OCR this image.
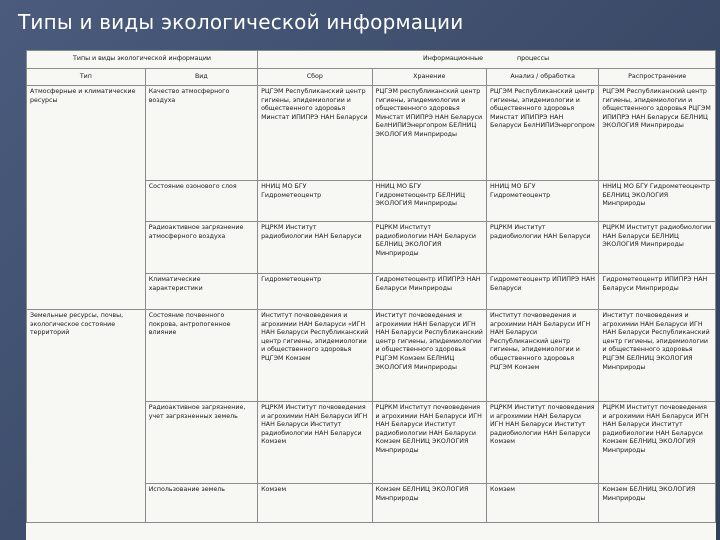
Типы и виды экологической информации
Типы и виды экологической информации		Информационные		процессы	
Тип	Вид	Сбор	Хранение	Анализ / обработка	Распространение
Атмосферные и климатические ресурсы	Качество атмосферного воздуха	РЦГЭМ Республиканский центр гигиены, эпидемиологии и общественного здоровья Минстат ИПИПРЭ НАН Беларуси	РЦГЭМ республиканский центр гигиены, эпидемиологии и общественного здоровья Минстат ИПИПРЭ НАН Беларуси БелНИПИЭнергопром БЕЛНИЦ ЭКОЛОГИЯ Минприроды	РЦГЭМ Республиканский центр гигиены, эпидемиологии и общественного здоровья Минстат ИПИПРЭ НАН Беларуси БелНИПИЭнергопром	РЦГЭМ Республиканский центр гигиены, эпидемиологии и общественного здоровья РЦГЭМ ИПИПРЭ НАН Беларуси БЕЛНИЦ ЭКОЛОГИЯ Минприроды
	Состояние озонового слоя	ННИЦ МО БГУ Гидрометеоцентр	ННИЦ МО БГУ Гидрометеоцентр БЕЛНИЦ ЭКОЛОГИЯ Минприроды	ННИЦ МО БГУ Гидрометеоцентр	ННИЦ МО БГУ Гидрометеоцентр БЕЛНИЦ ЭКОЛОГИЯ Минприроды
	Радиоактивное загрязнение атмосферного воздуха	РЦРКМ Институт радиобиологии НАН Беларуси	РЦРКМ Институт радиобиологии НАН Беларуси БЕЛНИЦ ЭКОЛОГИЯ Минприроды	РЦРКМ Институт радиобиологии НАН Беларуси	РЦРКМ Институт радиобиологии НАН Беларуси БЕЛНИЦ ЭКОЛОГИЯ Минприроды
	Климатические характеристики	Гидрометеоцентр	Гидрометеоцентр ИПИПРЭ НАН Беларуси Минприроды	Гидрометеоцентр ИПИПРЭ НАН Беларуси	Гидрометеоцентр ИПИПРЭ НАН Беларуси Минприроды
Земельные ресурсы, почвы, экологическое состояние территорий	Состояние почвенного покрова, антропогенное влияние	Институт почвоведения и агрохимии НАН Беларуси «ИГН НАН Беларуси Республиканский центр гигиены, эпидемиологии и общественного здоровья РЦГЭМ Комзем	Институт почвоведения и агрохимии НАН Беларуси ИГН НАН Беларуси Республиканский центр гигиены, эпидемиологии и общественного здоровья РЦГЭМ Комзем БЕЛНИЦ ЭКОЛОГИЯ Минприроды	Институт почвоведения и агрохимии НАН Беларуси ИГН НАН Беларуси Республиканский центр гигиены, эпидемиологии и общественного здоровья РЦГЭМ Комзем	Институт почвоведения и агрохимии НАН Беларуси ИГН НАН Беларуси Республиканский центр гигиены, эпидемиологии и общественного здоровья РЦГЭМ БЕЛНИЦ ЭКОЛОГИЯ Минприроды
	Радиоактивное загрязнение, учет загрязненных земель	РЦРКМ Институт почвоведения и агрохимии НАН Беларуси ИГН НАН Беларуси Институт радиобиологии НАН Беларуси Комзем	РЦРКМ Институт почвоведения и агрохимии НАН Беларуси ИГН НАН Беларуси Институт радиобиологии НАН Беларуси Комзем БЕЛНИЦ ЭКОЛОГИЯ Минприроды	РЦРКМ Институт почвоведения и агрохимии НАН Беларуси ИГН НАН Беларуси Институт радиобиологии НАН Беларуси Комзем	РЦРКМ Институт почвоведения и агрохимии НАН Беларуси ИГН НАН Беларуси Институт радиобиологии НАН Беларуси Комзем БЕЛНИЦ ЭКОЛОГИЯ Минприроды
	Использование земель	Комзем	Комзем БЕЛНИЦ ЭКОЛОГИЯ Минприроды	Комзем	Комзем БЕЛНИЦ ЭКОЛОГИЯ Минприроды
